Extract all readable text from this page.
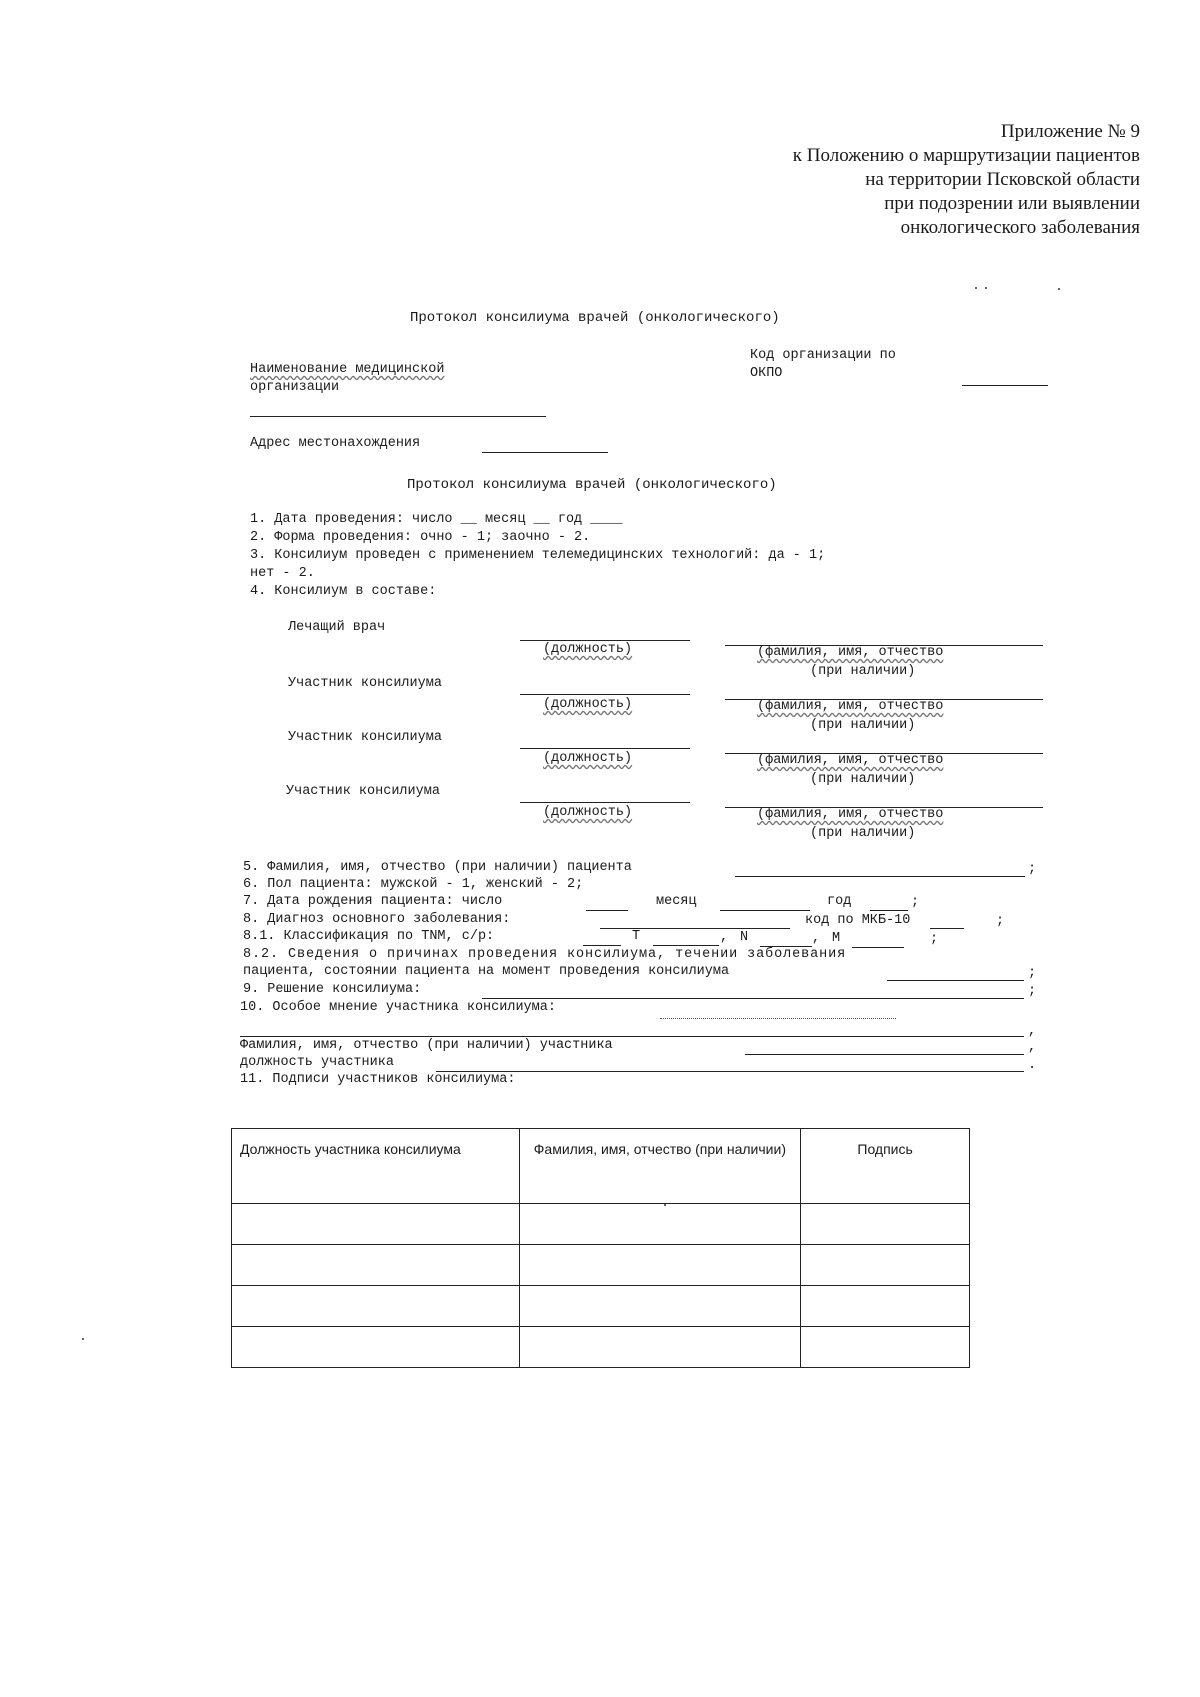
Приложение № 9
к Положению о маршрутизации пациентов
на территории Псковской области
при подозрении или выявлении
онкологического заболевания
Протокол консилиума врачей (онкологического)
Наименование медицинской
организации
Код организации по
ОКПО
Адрес местонахождения
Протокол консилиума врачей (онкологического)
1. Дата проведения: число __ месяц __ год ____
2. Форма проведения: очно - 1; заочно - 2.
3. Консилиум проведен с применением телемедицинских технологий: да - 1;
нет - 2.
4. Консилиум в составе:
Лечащий врач
(должность)	(фамилия, имя, отчество
(при наличии)
Участник консилиума
(должность)	(фамилия, имя, отчество
(при наличии)
Участник консилиума
(должность)	(фамилия, имя, отчество
(при наличии)
Участник консилиума
(должность)	(фамилия, имя, отчество
(при наличии)
5. Фамилия, имя, отчество (при наличии) пациента	;
6. Пол пациента: мужской - 1, женский - 2;
7. Дата рождения пациента: число	месяц	год	;
8. Диагноз основного заболевания:	код по МКБ-10	;
8.1. Классификация по TNM, с/р:	T	, N	, M	;
8.2. Сведения о причинах проведения консилиума, течении заболевания
пациента, состоянии пациента на момент проведения консилиума	;
9. Решение консилиума:	;
10. Особое мнение участника консилиума:
,
Фамилия, имя, отчество (при наличии) участника	,
должность участника	.
11. Подписи участников консилиума:
Должность участника консилиума	Фамилия, имя, отчество (при наличии)	Подпись
